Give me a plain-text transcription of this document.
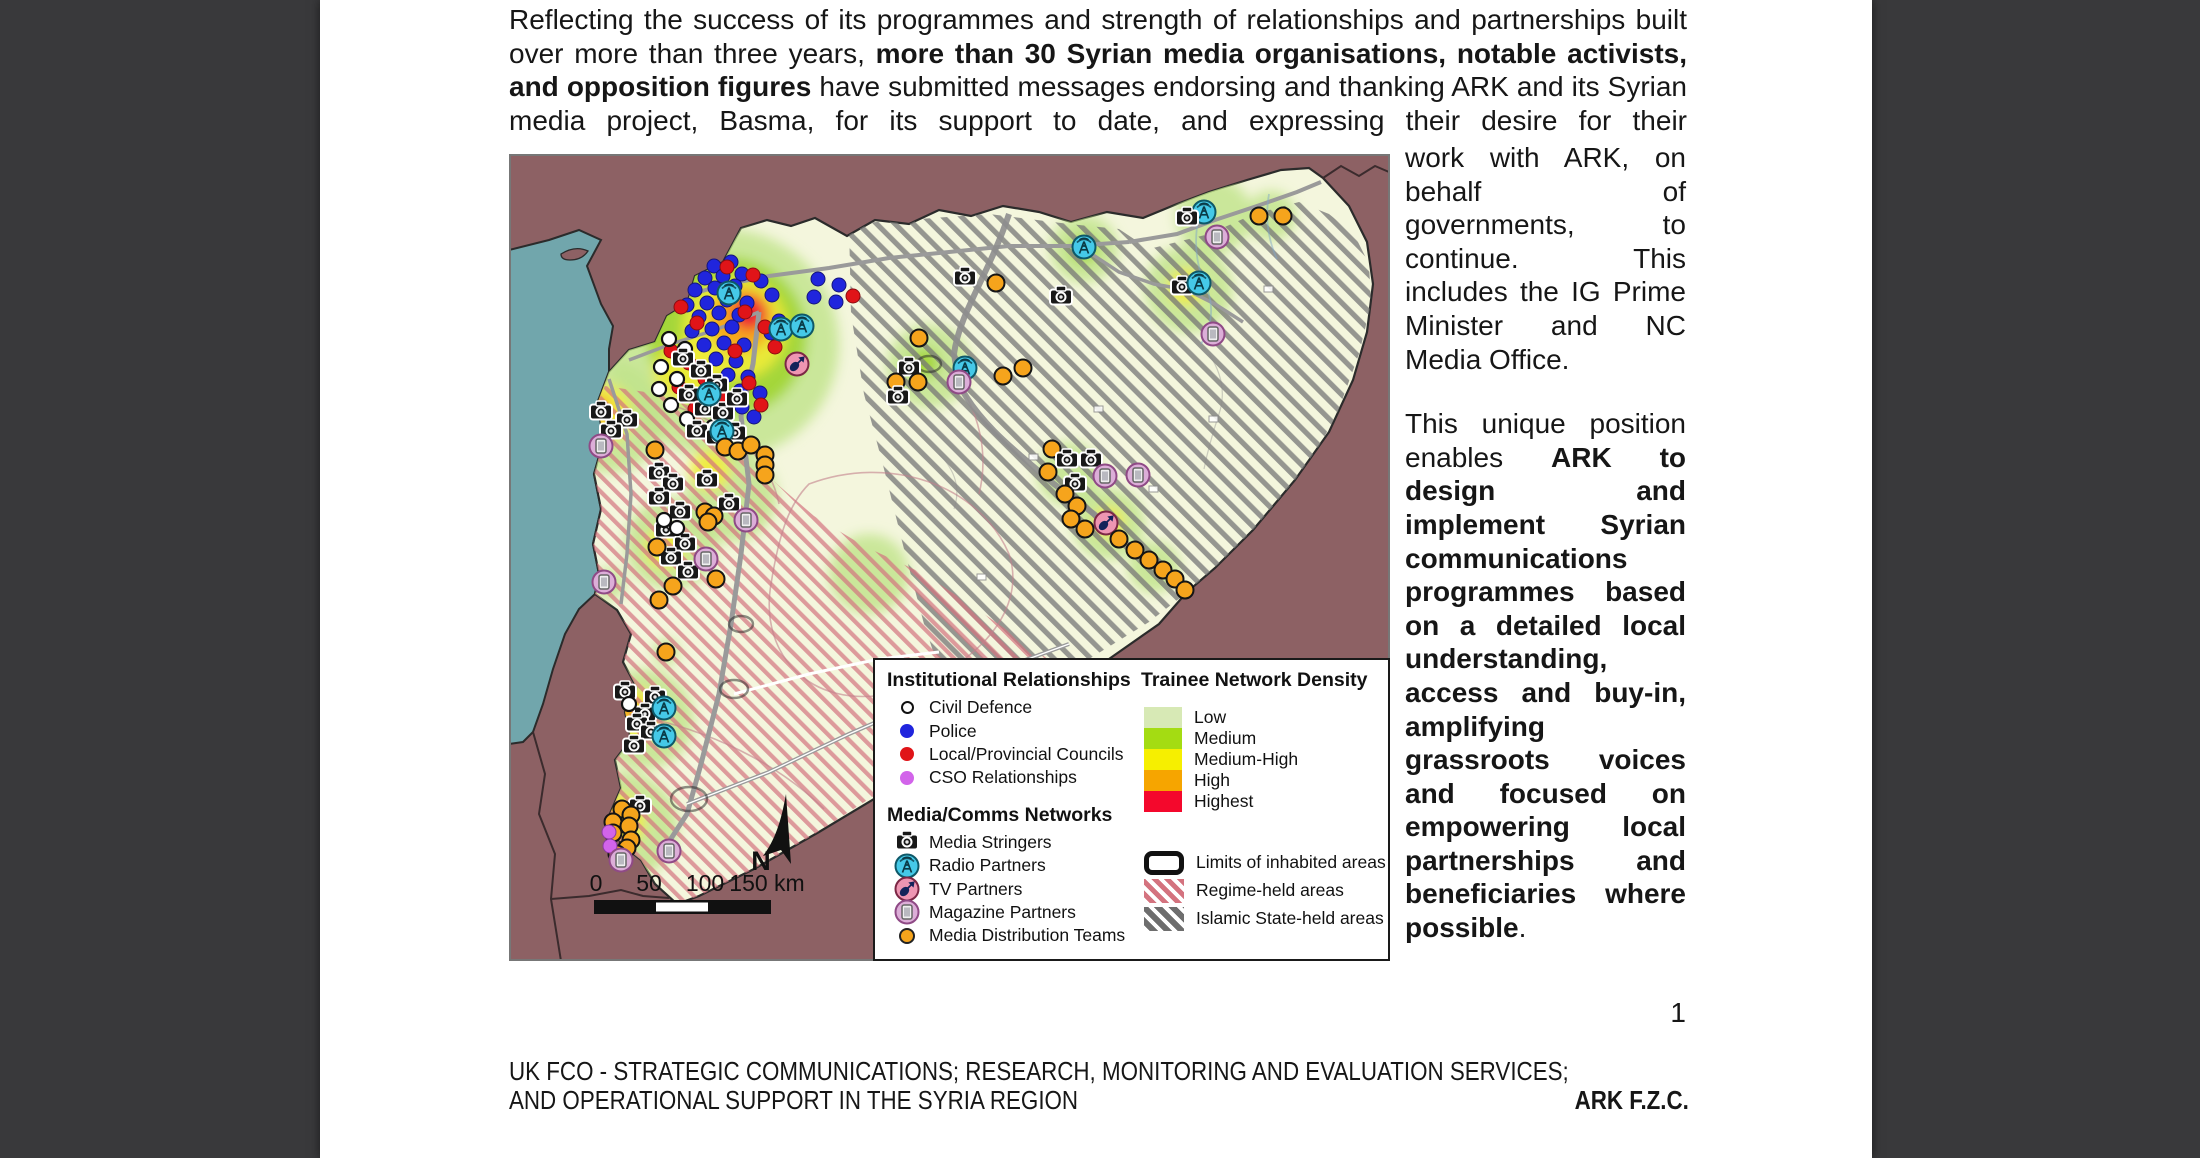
Reflecting the success of its programmes and strength of relationships and partnerships built over more than three years, more than 30 Syrian media organisations, notable activists, and opposition figures have submitted messages endorsing and thanking ARK and its Syrian media project, Basma, for its support to date, and expressing their desire for their
0 50 100 150 km
N
Institutional Relationships
Civil Defence
Police
Local/Provincial Councils
CSO Relationships
Media/Comms Networks
Media Stringers
Radio Partners
TV Partners
Magazine Partners
Media Distribution Teams
Trainee Network Density
Low
Medium
Medium-High
High
Highest
Limits of inhabited areas
Regime-held areas
Islamic State-held areas
work with ARK, on behalf of governments, to continue. This includes the IG Prime Minister and NC Media Office.
This unique position enables ARK to design and implement Syrian communications programmes based on a detailed local understanding, access and buy-in, amplifying grassroots voices and focused on empowering local partnerships and beneficiaries where possible.
1
UK FCO - STRATEGIC COMMUNICATIONS; RESEARCH, MONITORING AND EVALUATION SERVICES;
AND OPERATIONAL SUPPORT IN THE SYRIA REGION	ARK F.Z.C.
